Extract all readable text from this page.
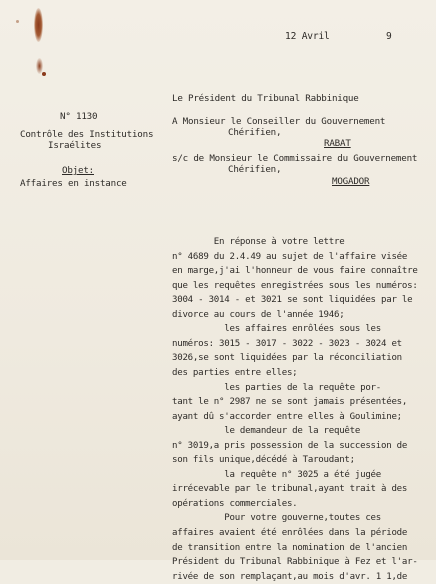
12 Avril	9
N° 1130
Contrôle des Institutions
Israélites
Objet:
Affaires en instance
Le Président du Tribunal Rabbinique
A Monsieur le Conseiller du Gouvernement
Chérifien,
RABAT
s/c de Monsieur le Commissaire du Gouvernement
Chérifien,
MOGADOR
En réponse à votre lettre
n° 4689 du 2.4.49 au sujet de l'affaire visée
en marge,j'ai l'honneur de vous faire connaître
que les requêtes enregistrées sous les numéros:
3004 - 3014 - et 3021 se sont liquidées par le
divorce au cours de l'année 1946;
les affaires enrôlées sous les
numéros: 3015 - 3017 - 3022 - 3023 - 3024 et
3026,se sont liquidées par la réconciliation
des parties entre elles;
les parties de la requête por-
tant le n° 2987 ne se sont jamais présentées,
ayant dû s'accorder entre elles à Goulimine;
le demandeur de la requête
n° 3019,a pris possession de la succession de
son fils unique,décédé à Taroudant;
la requête n° 3025 a été jugée
irrécevable par le tribunal,ayant trait à des
opérations commerciales.
Pour votre gouverne,toutes ces
affaires avaient été enrôlées dans la période
de transition entre la nomination de l'ancien
Président du Tribunal Rabbinique à Fez et l'ar-
rivée de son remplaçant,au mois d'avr. 1 1,de
